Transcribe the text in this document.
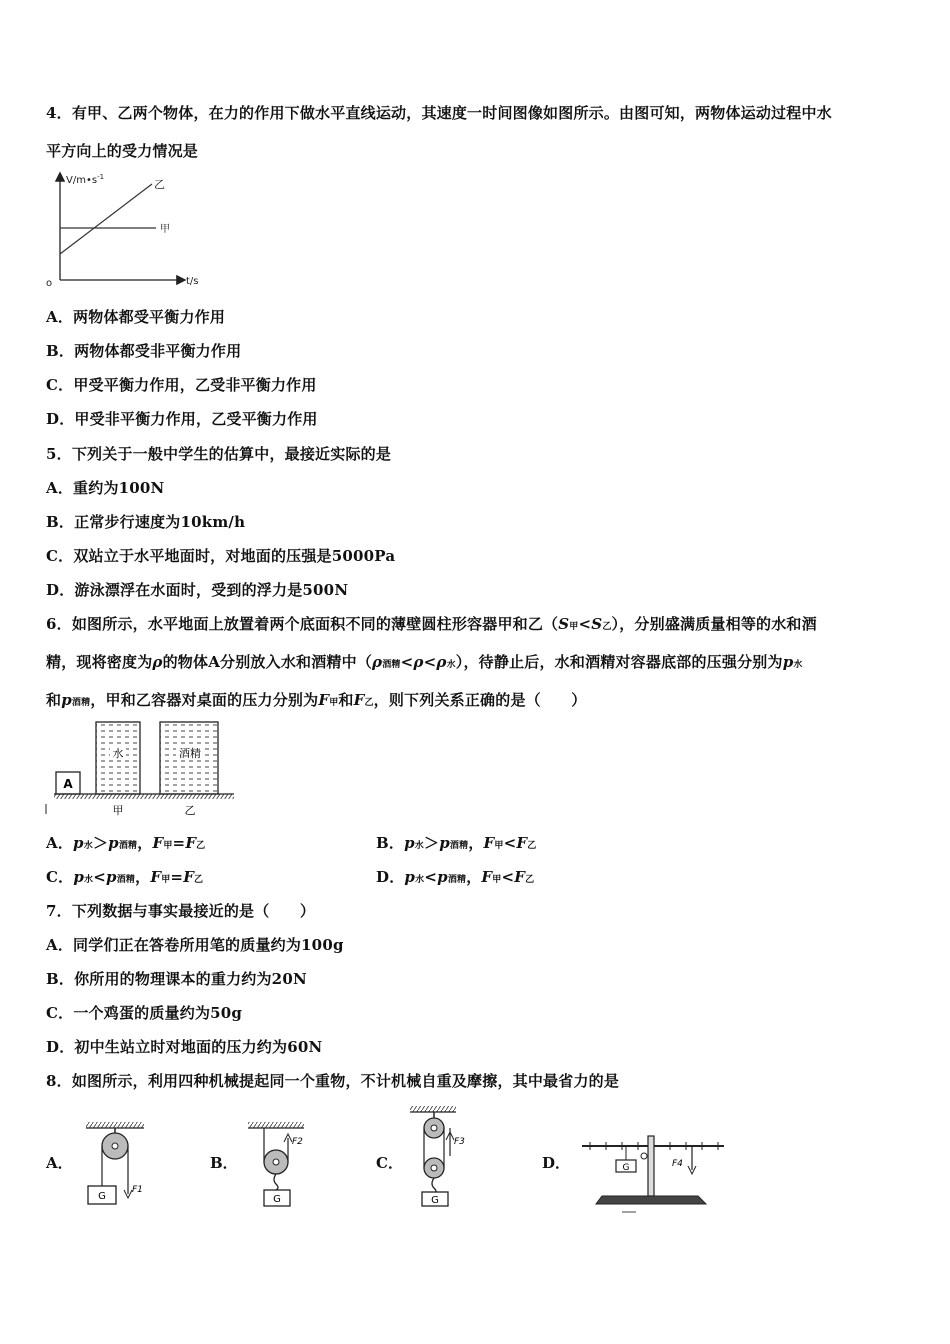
4．有甲、乙两个物体，在力的作用下做水平直线运动，其速度一时间图像如图所示。由图可知，两物体运动过程中水
平方向上的受力情况是
$V/m•s^{-1}$
t/s
o
乙
甲
A．两物体都受平衡力作用
B．两物体都受非平衡力作用
C．甲受平衡力作用，乙受非平衡力作用
D．甲受非平衡力作用，乙受平衡力作用
5．下列关于一般中学生的估算中，最接近实际的是
A．重约为100N
B．正常步行速度为10km/h
C．双站立于水平地面时，对地面的压强是5000Pa
D．游泳漂浮在水面时，受到的浮力是500N
6．如图所示，水平地面上放置着两个底面积不同的薄壁圆柱形容器甲和乙（S甲<S乙），分别盛满质量相等的水和酒
精，现将密度为ρ的物体A分别放入水和酒精中（ρ酒精<ρ<ρ水），待静止后，水和酒精对容器底部的压强分别为p水
和p酒精，甲和乙容器对桌面的压力分别为F甲和F乙，则下列关系正确的是（　　）
A
水	酒精
甲	乙
A．p水＞p酒精，F甲=F乙	B．p水＞p酒精，F甲<F乙
C．p水<p酒精，F甲=F乙	D．p水<p酒精，F甲<F乙
7．下列数据与事实最接近的是（　　）
A．同学们正在答卷所用笔的质量约为100g
B．你所用的物理课本的重力约为20N
C．一个鸡蛋的质量约为50g
D．初中生站立时对地面的压力约为60N
8．如图所示，利用四种机械提起同一个重物，不计机械自重及摩擦，其中最省力的是
A．	B．	C．	D．
F1
G
F2
G
F3
G
G	F4
